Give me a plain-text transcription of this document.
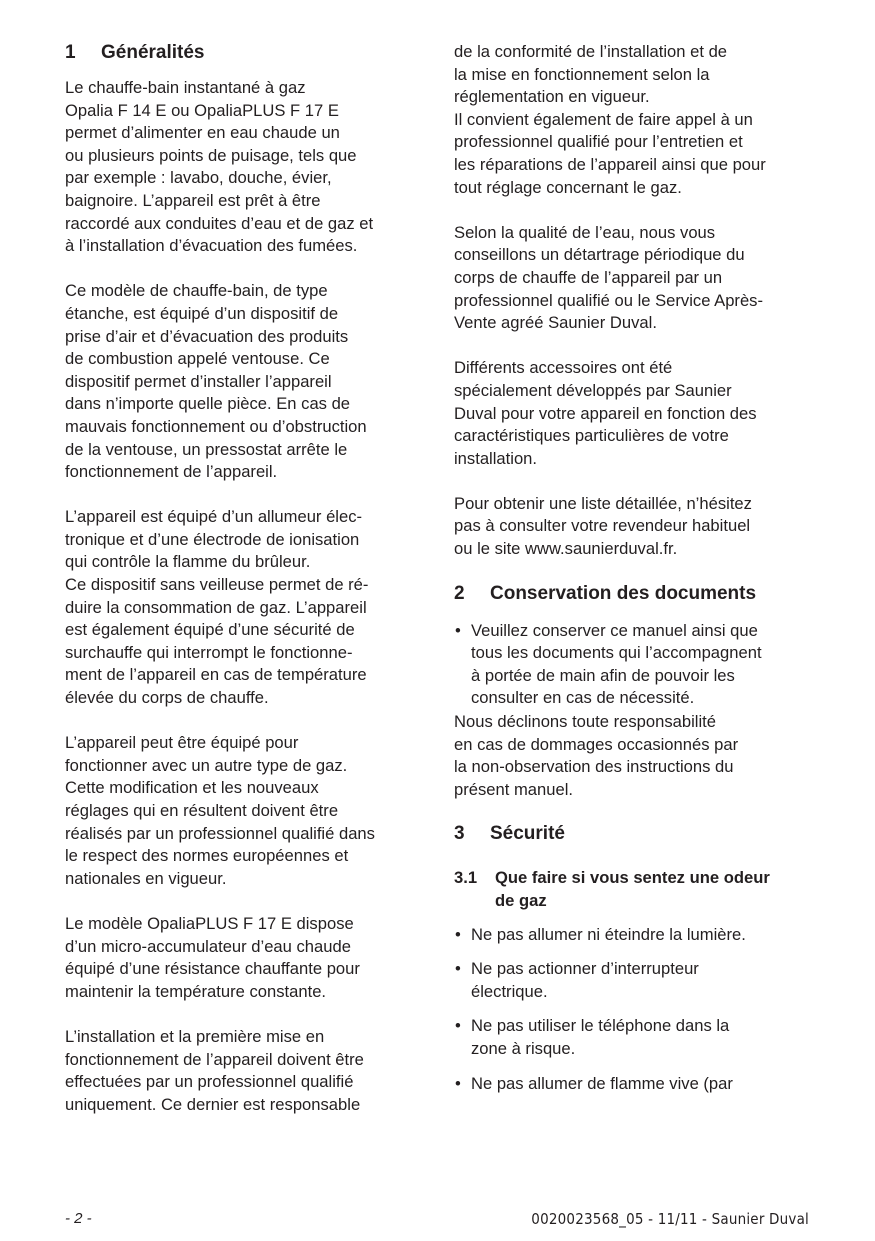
1	Généralités

Le chauffe-bain instantané à gaz
Opalia F 14 E ou OpaliaPLUS F 17 E
permet d’alimenter en eau chaude un
ou plusieurs points de puisage, tels que
par exemple : lavabo, douche, évier,
baignoire. L’appareil est prêt à être
raccordé aux conduites d’eau et de gaz et
à l’installation d’évacuation des fumées.

Ce modèle de chauffe-bain, de type
étanche, est équipé d’un dispositif de
prise d’air et d’évacuation des produits
de combustion appelé ventouse. Ce
dispositif permet d’installer l’appareil
dans n’importe quelle pièce. En cas de
mauvais fonctionnement ou d’obstruction
de la ventouse, un pressostat arrête le
fonctionnement de l’appareil.

L’appareil est équipé d’un allumeur élec-
tronique et d’une électrode de ionisation
qui contrôle la flamme du brûleur.
Ce dispositif sans veilleuse permet de ré-
duire la consommation de gaz. L’appareil
est également équipé d’une sécurité de
surchauffe qui interrompt le fonctionne-
ment de l’appareil en cas de température
élevée du corps de chauffe.

L’appareil peut être équipé pour
fonctionner avec un autre type de gaz.
Cette modification et les nouveaux
réglages qui en résultent doivent être
réalisés par un professionnel qualifié dans
le respect des normes européennes et
nationales en vigueur.

Le modèle OpaliaPLUS F 17 E dispose
d’un micro-accumulateur d’eau chaude
équipé d’une résistance chauffante pour
maintenir la température constante.

L’installation et la première mise en
fonctionnement de l’appareil doivent être
effectuées par un professionnel qualifié
uniquement. Ce dernier est responsable

de la conformité de l’installation et de
la mise en fonctionnement selon la
réglementation en vigueur.
Il convient également de faire appel à un
professionnel qualifié pour l’entretien et
les réparations de l’appareil ainsi que pour
tout réglage concernant le gaz.

Selon la qualité de l’eau, nous vous
conseillons un détartrage périodique du
corps de chauffe de l’appareil par un
professionnel qualifié ou le Service Après-
Vente agréé Saunier Duval.

Différents accessoires ont été
spécialement développés par Saunier
Duval pour votre appareil en fonction des
caractéristiques particulières de votre
installation.

Pour obtenir une liste détaillée, n’hésitez
pas à consulter votre revendeur habituel
ou le site www.saunierduval.fr.

2	Conservation des documents
• Veuillez conserver ce manuel ainsi que
tous les documents qui l’accompagnent
à portée de main afin de pouvoir les
consulter en cas de nécessité.

Nous déclinons toute responsabilité
en cas de dommages occasionnés par
la non-observation des instructions du
présent manuel.

3	Sécurité
3.1	Que faire si vous sentez une odeur
de gaz
• Ne pas allumer ni éteindre la lumière.
• Ne pas actionner d’interrupteur
électrique.
• Ne pas utiliser le téléphone dans la
zone à risque.
• Ne pas allumer de flamme vive (par
- 2 -	0020023568_05 - 11/11 - Saunier Duval
